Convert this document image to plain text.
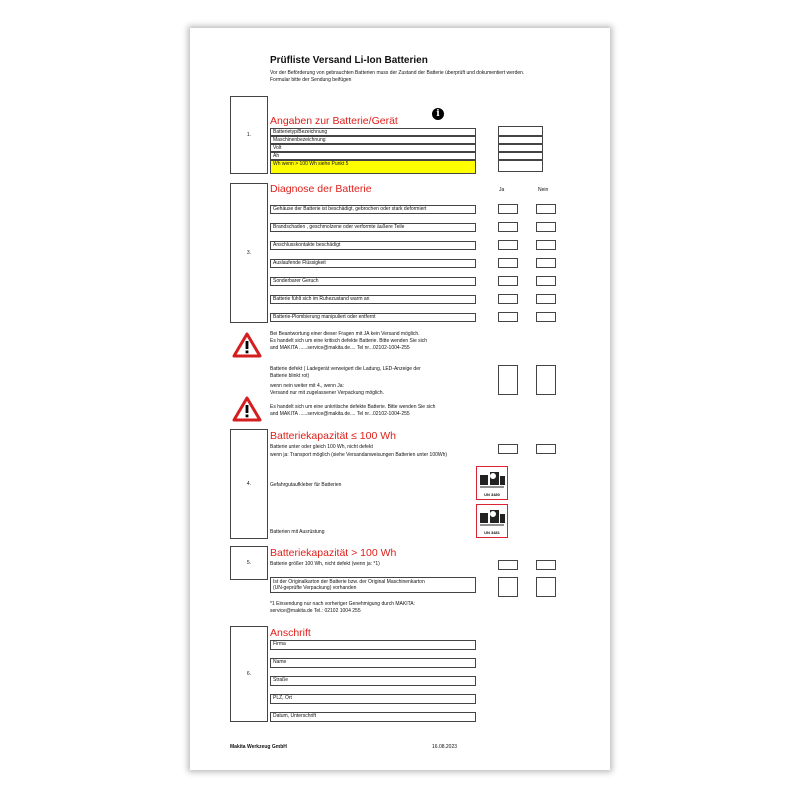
Prüfliste Versand Li-Ion Batterien
Vor der Beförderung von gebrauchten Batterien muss der Zustand der Batterie überprüft und dokumentiert werden. Formular bitte der Sendung beifügen
1.
Angaben zur Batterie/Gerät
i
Batterietyp/Bezeichnung
Maschinenbezeichnung
Volt
Ah
Wh wenn > 100 Wh siehe Punkt 5
3.
Diagnose der Batterie	Ja	Nein
Gehäuse der Batterie ist beschädigt, gebrochen oder stark deformiert
Brandschaden , geschmolzene oder verformte äußere Teile
Anschlusskontakte beschädigt
Auslaufende Flüssigkeit
Sonderbarer Geruch
Batterie fühlt sich im Ruhezustand warm an
Batterie-Plombierung manipuliert oder entfernt
Bei Beantwortung einer dieser Fragen mit JA kein Versand möglich.
Es handelt sich um eine kritisch defekte Batterie. Bitte wenden Sie sich
and MAKITA ......service@makita.de.... Tel nr...02102-1004-255
Batterie defekt ( Ladegerät verweigert die Ladung, LED-Anzeige der
Batterie blinkt rot)
wenn nein weiter mit 4., wenn Ja:
Versand nur mit zugelassener Verpackung möglich.
Es handelt sich um eine unkritische defekte Batterie. Bitte wenden Sie sich
and MAKITA ......service@makita.de.... Tel nr...02102-1004-255
4.
Batteriekapazität ≤ 100 Wh
Batterie unter oder gleich 100 Wh, nicht defekt
wenn ja: Transport möglich (siehe Versandanweisungen Batterien unter 100Wh)
Gefahrgutaufkleber für Batterien
Batterien mit Ausrüstung
UN 3480
UN 3481
5.
Batteriekapazität > 100 Wh
Batterie größer 100 Wh, nicht defekt (wenn ja: *1)
Ist der Originalkarton der Batterie bzw. der Original Maschinenkarton
(UN-geprüfte Verpackung) vorhanden
*1 Einsendung nur nach vorheriger Genehmigung durch MAKITA:
service@makita.de Tel.: 02102 1004 255
6.
Anschrift
Firma
Name
Straße
PLZ, Ort
Datum, Unterschrift
Makita Werkzeug GmbH	16.08.2023
